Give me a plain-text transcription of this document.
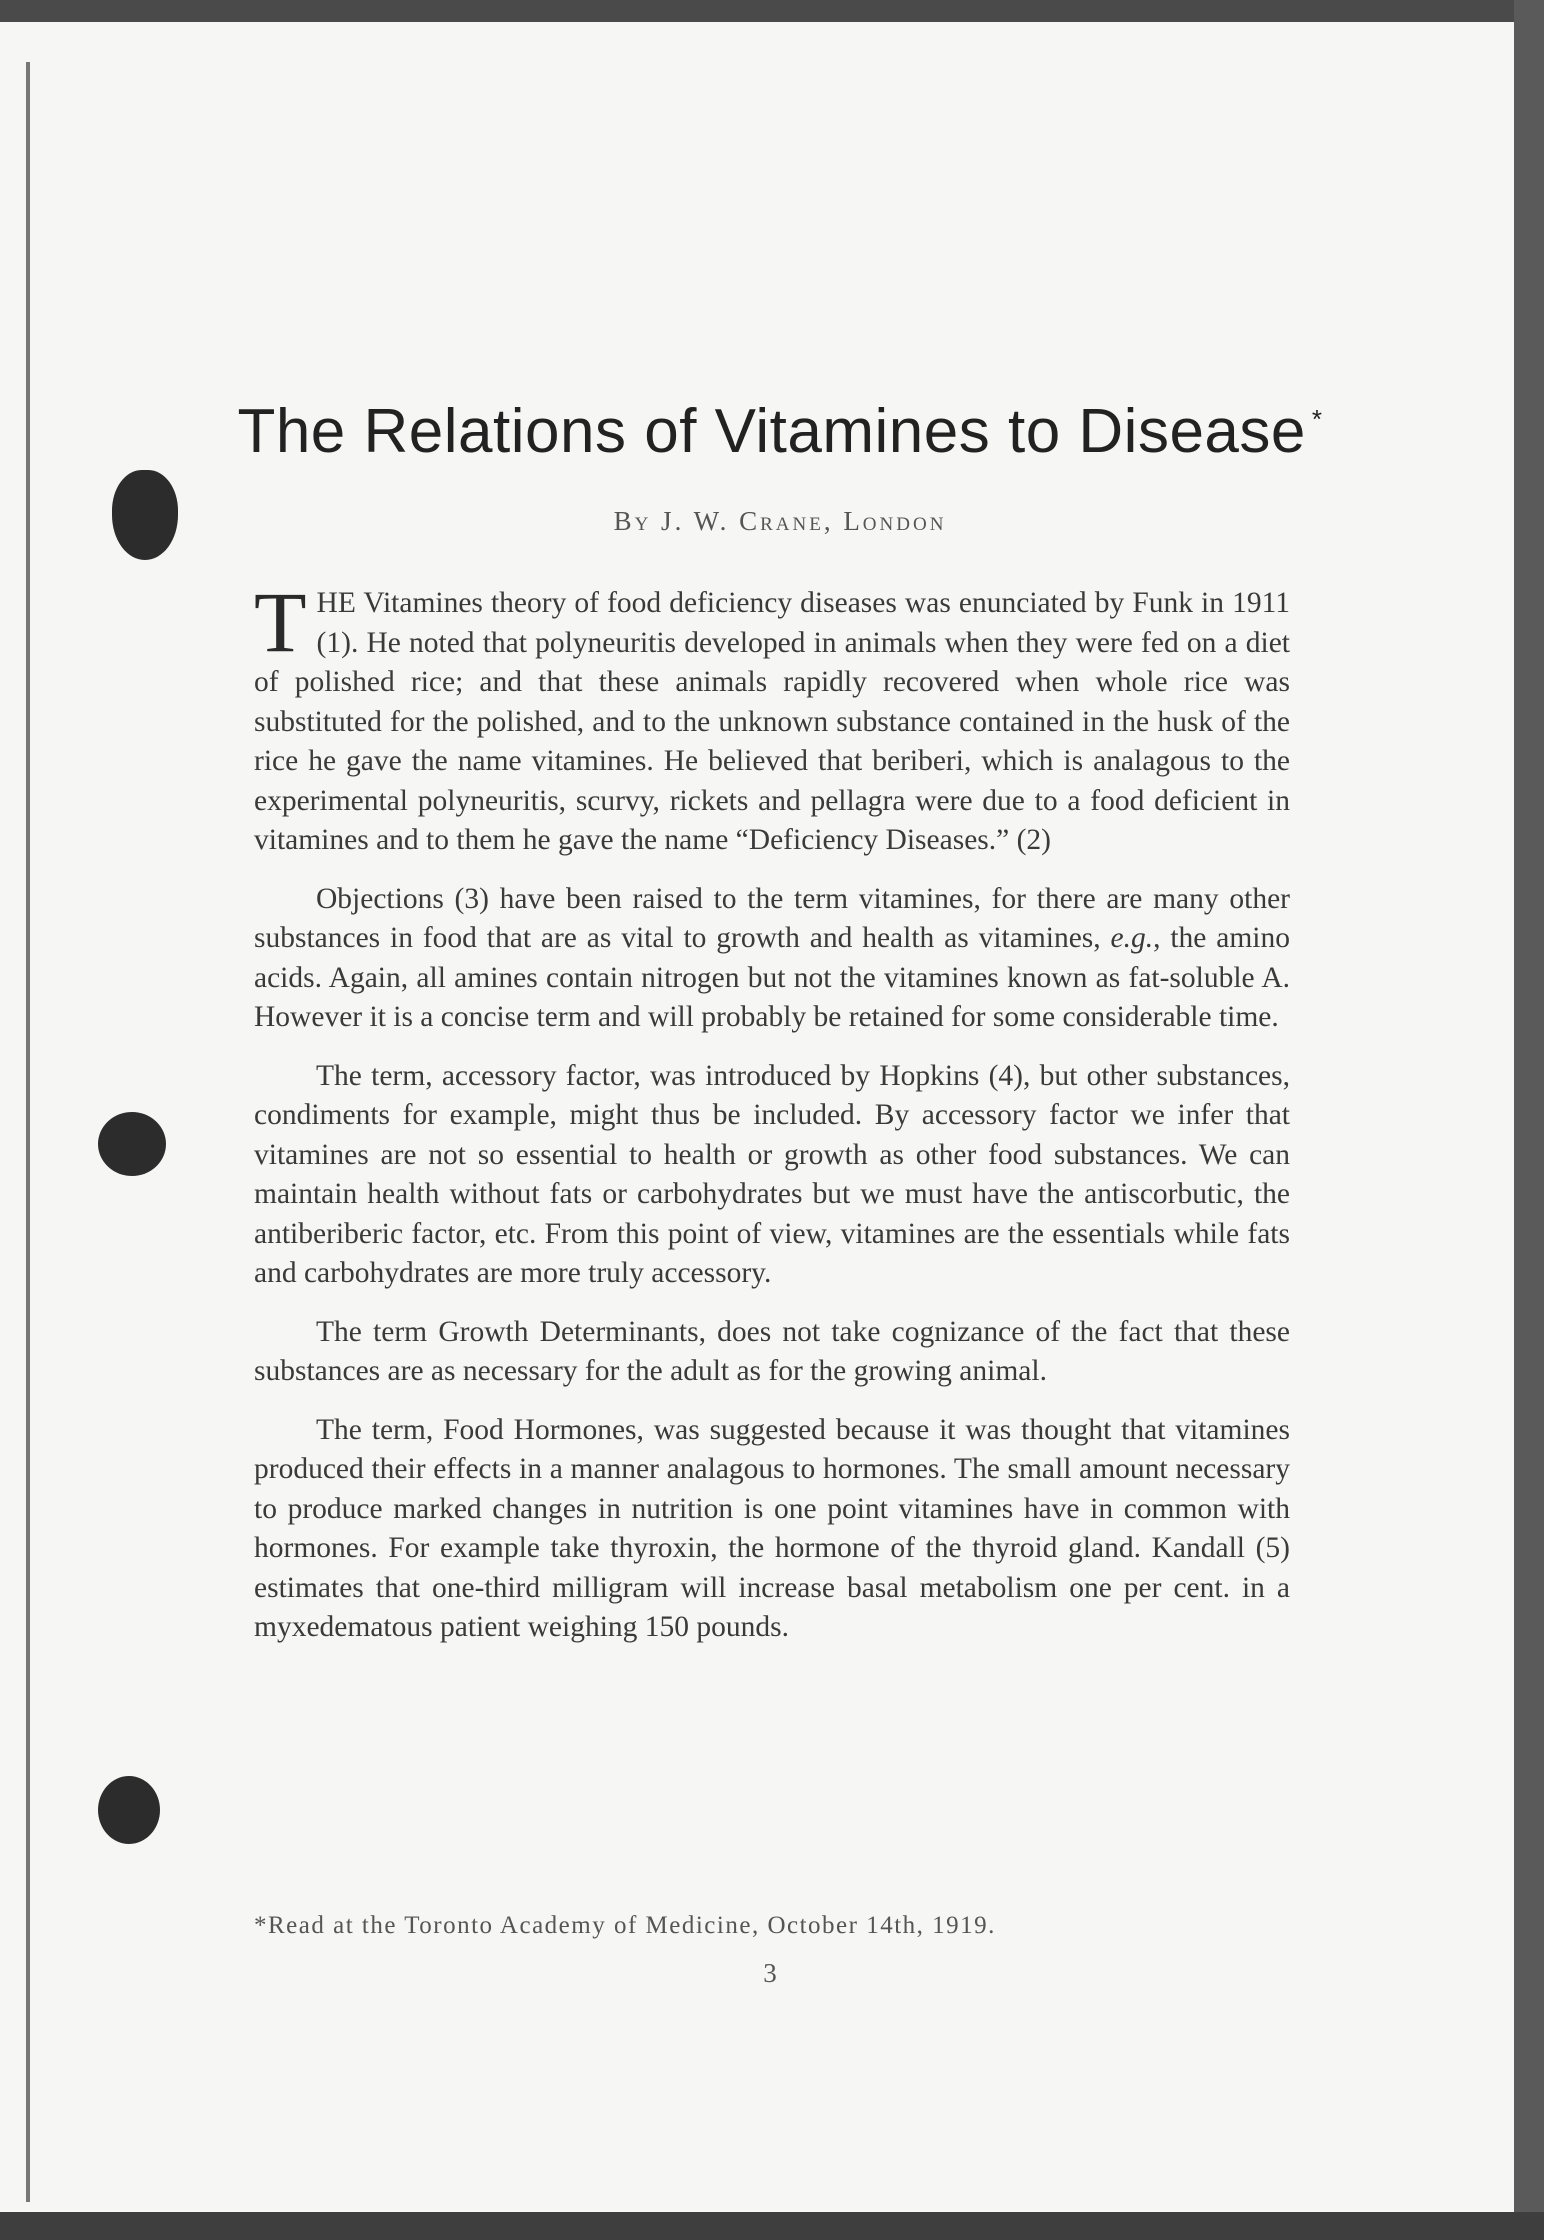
The Relations of Vitamines to Disease *
By J. W. Crane, London

THE Vitamines theory of food deficiency diseases was enunciated by Funk in 1911 (1). He noted that polyneuritis developed in animals when they were fed on a diet of polished rice; and that these animals rapidly recovered when whole rice was substituted for the polished, and to the unknown substance contained in the husk of the rice he gave the name vitamines. He believed that beriberi, which is analagous to the experimental polyneuritis, scurvy, rickets and pellagra were due to a food deficient in vitamines and to them he gave the name “Deficiency Diseases.” (2)

Objections (3) have been raised to the term vitamines, for there are many other substances in food that are as vital to growth and health as vitamines, e.g., the amino acids. Again, all amines contain nitrogen but not the vitamines known as fat-soluble A. However it is a concise term and will probably be retained for some considerable time.

The term, accessory factor, was introduced by Hopkins (4), but other substances, condiments for example, might thus be included. By accessory factor we infer that vitamines are not so essential to health or growth as other food substances. We can maintain health without fats or carbohydrates but we must have the antiscorbutic, the antiberiberic factor, etc. From this point of view, vitamines are the essentials while fats and carbohydrates are more truly accessory.

The term Growth Determinants, does not take cognizance of the fact that these substances are as necessary for the adult as for the growing animal.

The term, Food Hormones, was suggested because it was thought that vitamines produced their effects in a manner analagous to hormones. The small amount necessary to produce marked changes in nutrition is one point vitamines have in common with hormones. For example take thyroxin, the hormone of the thyroid gland. Kandall (5) estimates that one-third milligram will increase basal metabolism one per cent. in a myxedematous patient weighing 150 pounds.

*Read at the Toronto Academy of Medicine, October 14th, 1919.
3
